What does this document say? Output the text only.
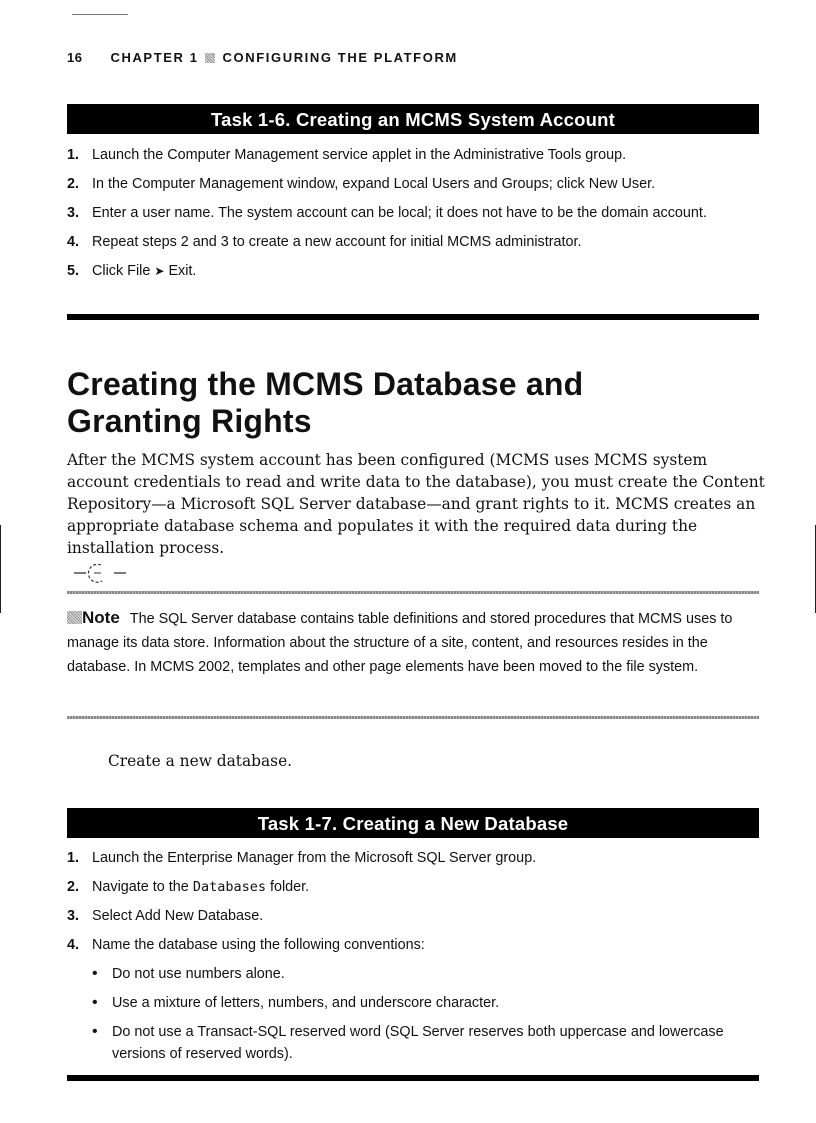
16 CHAPTER 1 CONFIGURING THE PLATFORM
Task 1-6. Creating an MCMS System Account
1. Launch the Computer Management service applet in the Administrative Tools group.
2. In the Computer Management window, expand Local Users and Groups; click New User.
3. Enter a user name. The system account can be local; it does not have to be the domain account.
4. Repeat steps 2 and 3 to create a new account for initial MCMS administrator.
5. Click File ➤ Exit.
Creating the MCMS Database and Granting Rights

After the MCMS system account has been configured (MCMS uses MCMS system account credentials to read and write data to the database), you must create the Content Repository—a Microsoft SQL Server database—and grant rights to it. MCMS creates an appropriate database schema and populates it with the required data during the installation process.

Note The SQL Server database contains table definitions and stored procedures that MCMS uses to manage its data store. Information about the structure of a site, content, and resources resides in the database. In MCMS 2002, templates and other page elements have been moved to the file system.

Create a new database.

Task 1-7. Creating a New Database
1. Launch the Enterprise Manager from the Microsoft SQL Server group.
2. Navigate to the Databases folder.
3. Select Add New Database.
4. Name the database using the following conventions:
• Do not use numbers alone.
• Use a mixture of letters, numbers, and underscore character.
• Do not use a Transact-SQL reserved word (SQL Server reserves both uppercase and lowercase versions of reserved words).
